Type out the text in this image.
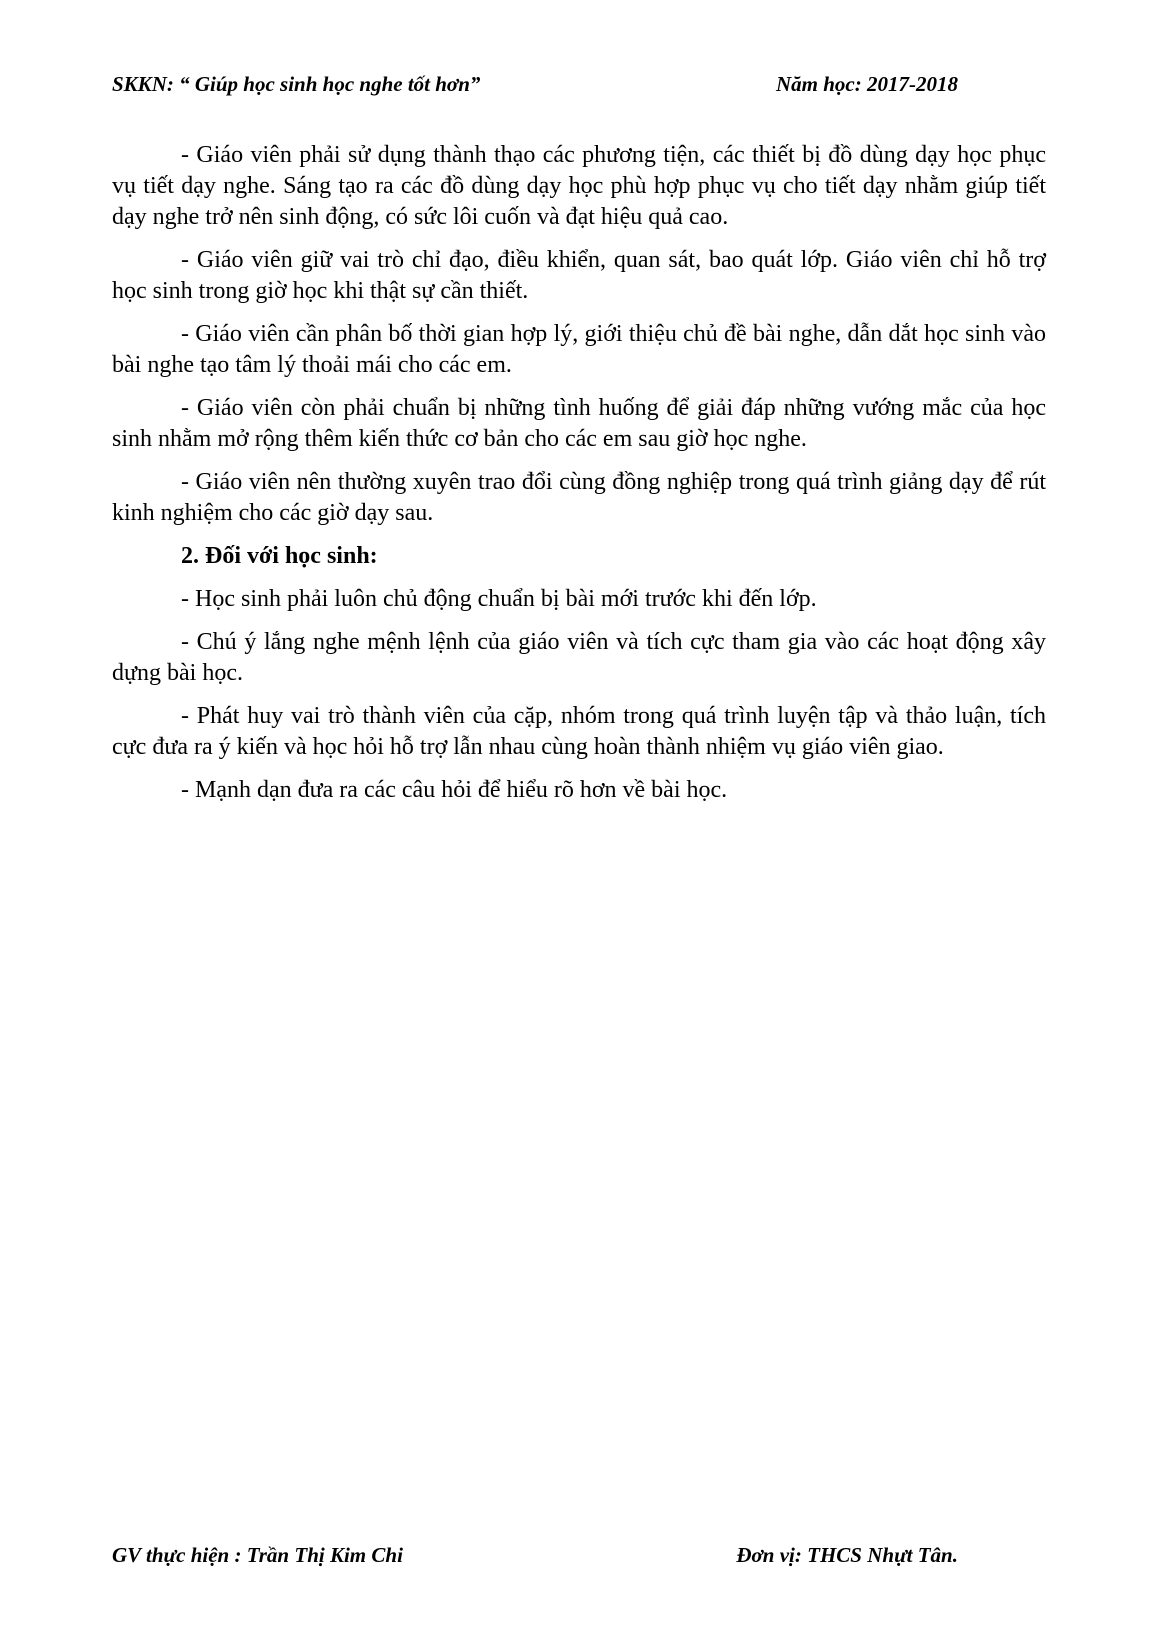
SKKN: “ Giúp học sinh học nghe tốt hơn”	Năm học: 2017-2018

- Giáo viên phải sử dụng thành thạo các phương tiện, các thiết bị đồ dùng dạy học phục vụ tiết dạy nghe. Sáng tạo ra các đồ dùng dạy học phù hợp phục vụ cho tiết dạy nhằm giúp tiết dạy nghe trở nên sinh động, có sức lôi cuốn và đạt hiệu quả cao.

- Giáo viên giữ vai trò chỉ đạo, điều khiển, quan sát, bao quát lớp. Giáo viên chỉ hỗ trợ học sinh trong giờ học khi thật sự cần thiết.

- Giáo viên cần phân bố thời gian hợp lý, giới thiệu chủ đề bài nghe, dẫn dắt học sinh vào bài nghe tạo tâm lý thoải mái cho các em.

- Giáo viên còn phải chuẩn bị những tình huống để giải đáp những vướng mắc của học sinh nhằm mở rộng thêm kiến thức cơ bản cho các em sau giờ học nghe.

- Giáo viên nên thường xuyên trao đổi cùng đồng nghiệp trong quá trình giảng dạy để rút kinh nghiệm cho các giờ dạy sau.

2. Đối với học sinh:

- Học sinh phải luôn chủ động chuẩn bị bài mới trước khi đến lớp.

- Chú ý lắng nghe mệnh lệnh của giáo viên và tích cực tham gia vào các hoạt động xây dựng bài học.

- Phát huy vai trò thành viên của cặp, nhóm trong quá trình luyện tập và thảo luận, tích cực đưa ra ý kiến và học hỏi hỗ trợ lẫn nhau cùng hoàn thành nhiệm vụ giáo viên giao.

- Mạnh dạn đưa ra các câu hỏi để hiểu rõ hơn về bài học.

GV thực hiện : Trần Thị Kim Chi	Đơn vị: THCS Nhựt Tân.
